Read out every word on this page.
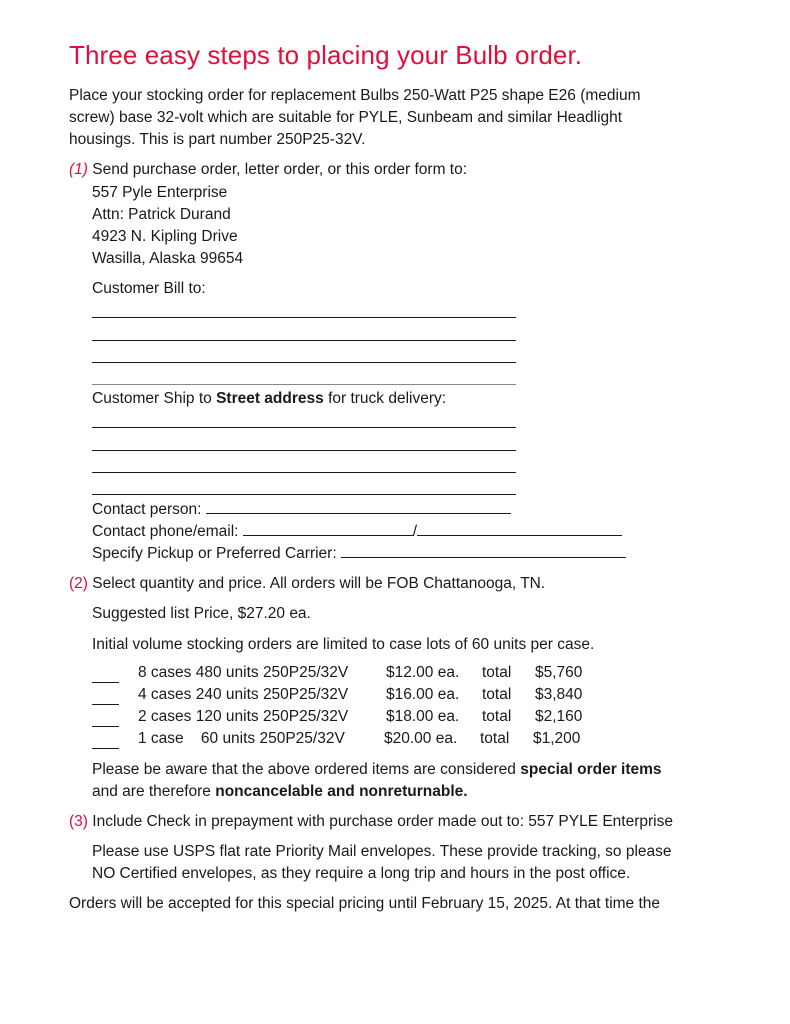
Three easy steps to placing your Bulb order.
Place your stocking order for replacement Bulbs 250-Watt P25 shape E26 (medium
screw) base 32-volt which are suitable for PYLE, Sunbeam and similar Headlight
housings. This is part number 250P25-32V.
(1) Send purchase order, letter order, or this order form to:
557 Pyle Enterprise
Attn: Patrick Durand
4923 N. Kipling Drive
Wasilla, Alaska 99654
Customer Bill to:
Customer Ship to Street address for truck delivery:
Contact person:
Contact phone/email:	/
Specify Pickup or Preferred Carrier:
(2) Select quantity and price. All orders will be FOB Chattanooga, TN.
Suggested list Price, $27.20 ea.
Initial volume stocking orders are limited to case lots of 60 units per case.
8 cases 480 units 250P25/32V $12.00 ea. total $5,760
4 cases 240 units 250P25/32V $16.00 ea. total $3,840
2 cases 120 units 250P25/32V $18.00 ea. total $2,160
1 case    60 units 250P25/32V	$20.00 ea. total $1,200
Please be aware that the above ordered items are considered special order items
and are therefore noncancelable and nonreturnable.
(3) Include Check in prepayment with purchase order made out to: 557 PYLE Enterprise
Please use USPS flat rate Priority Mail envelopes. These provide tracking, so please
NO Certified envelopes, as they require a long trip and hours in the post office.
Orders will be accepted for this special pricing until February 15, 2025. At that time the
